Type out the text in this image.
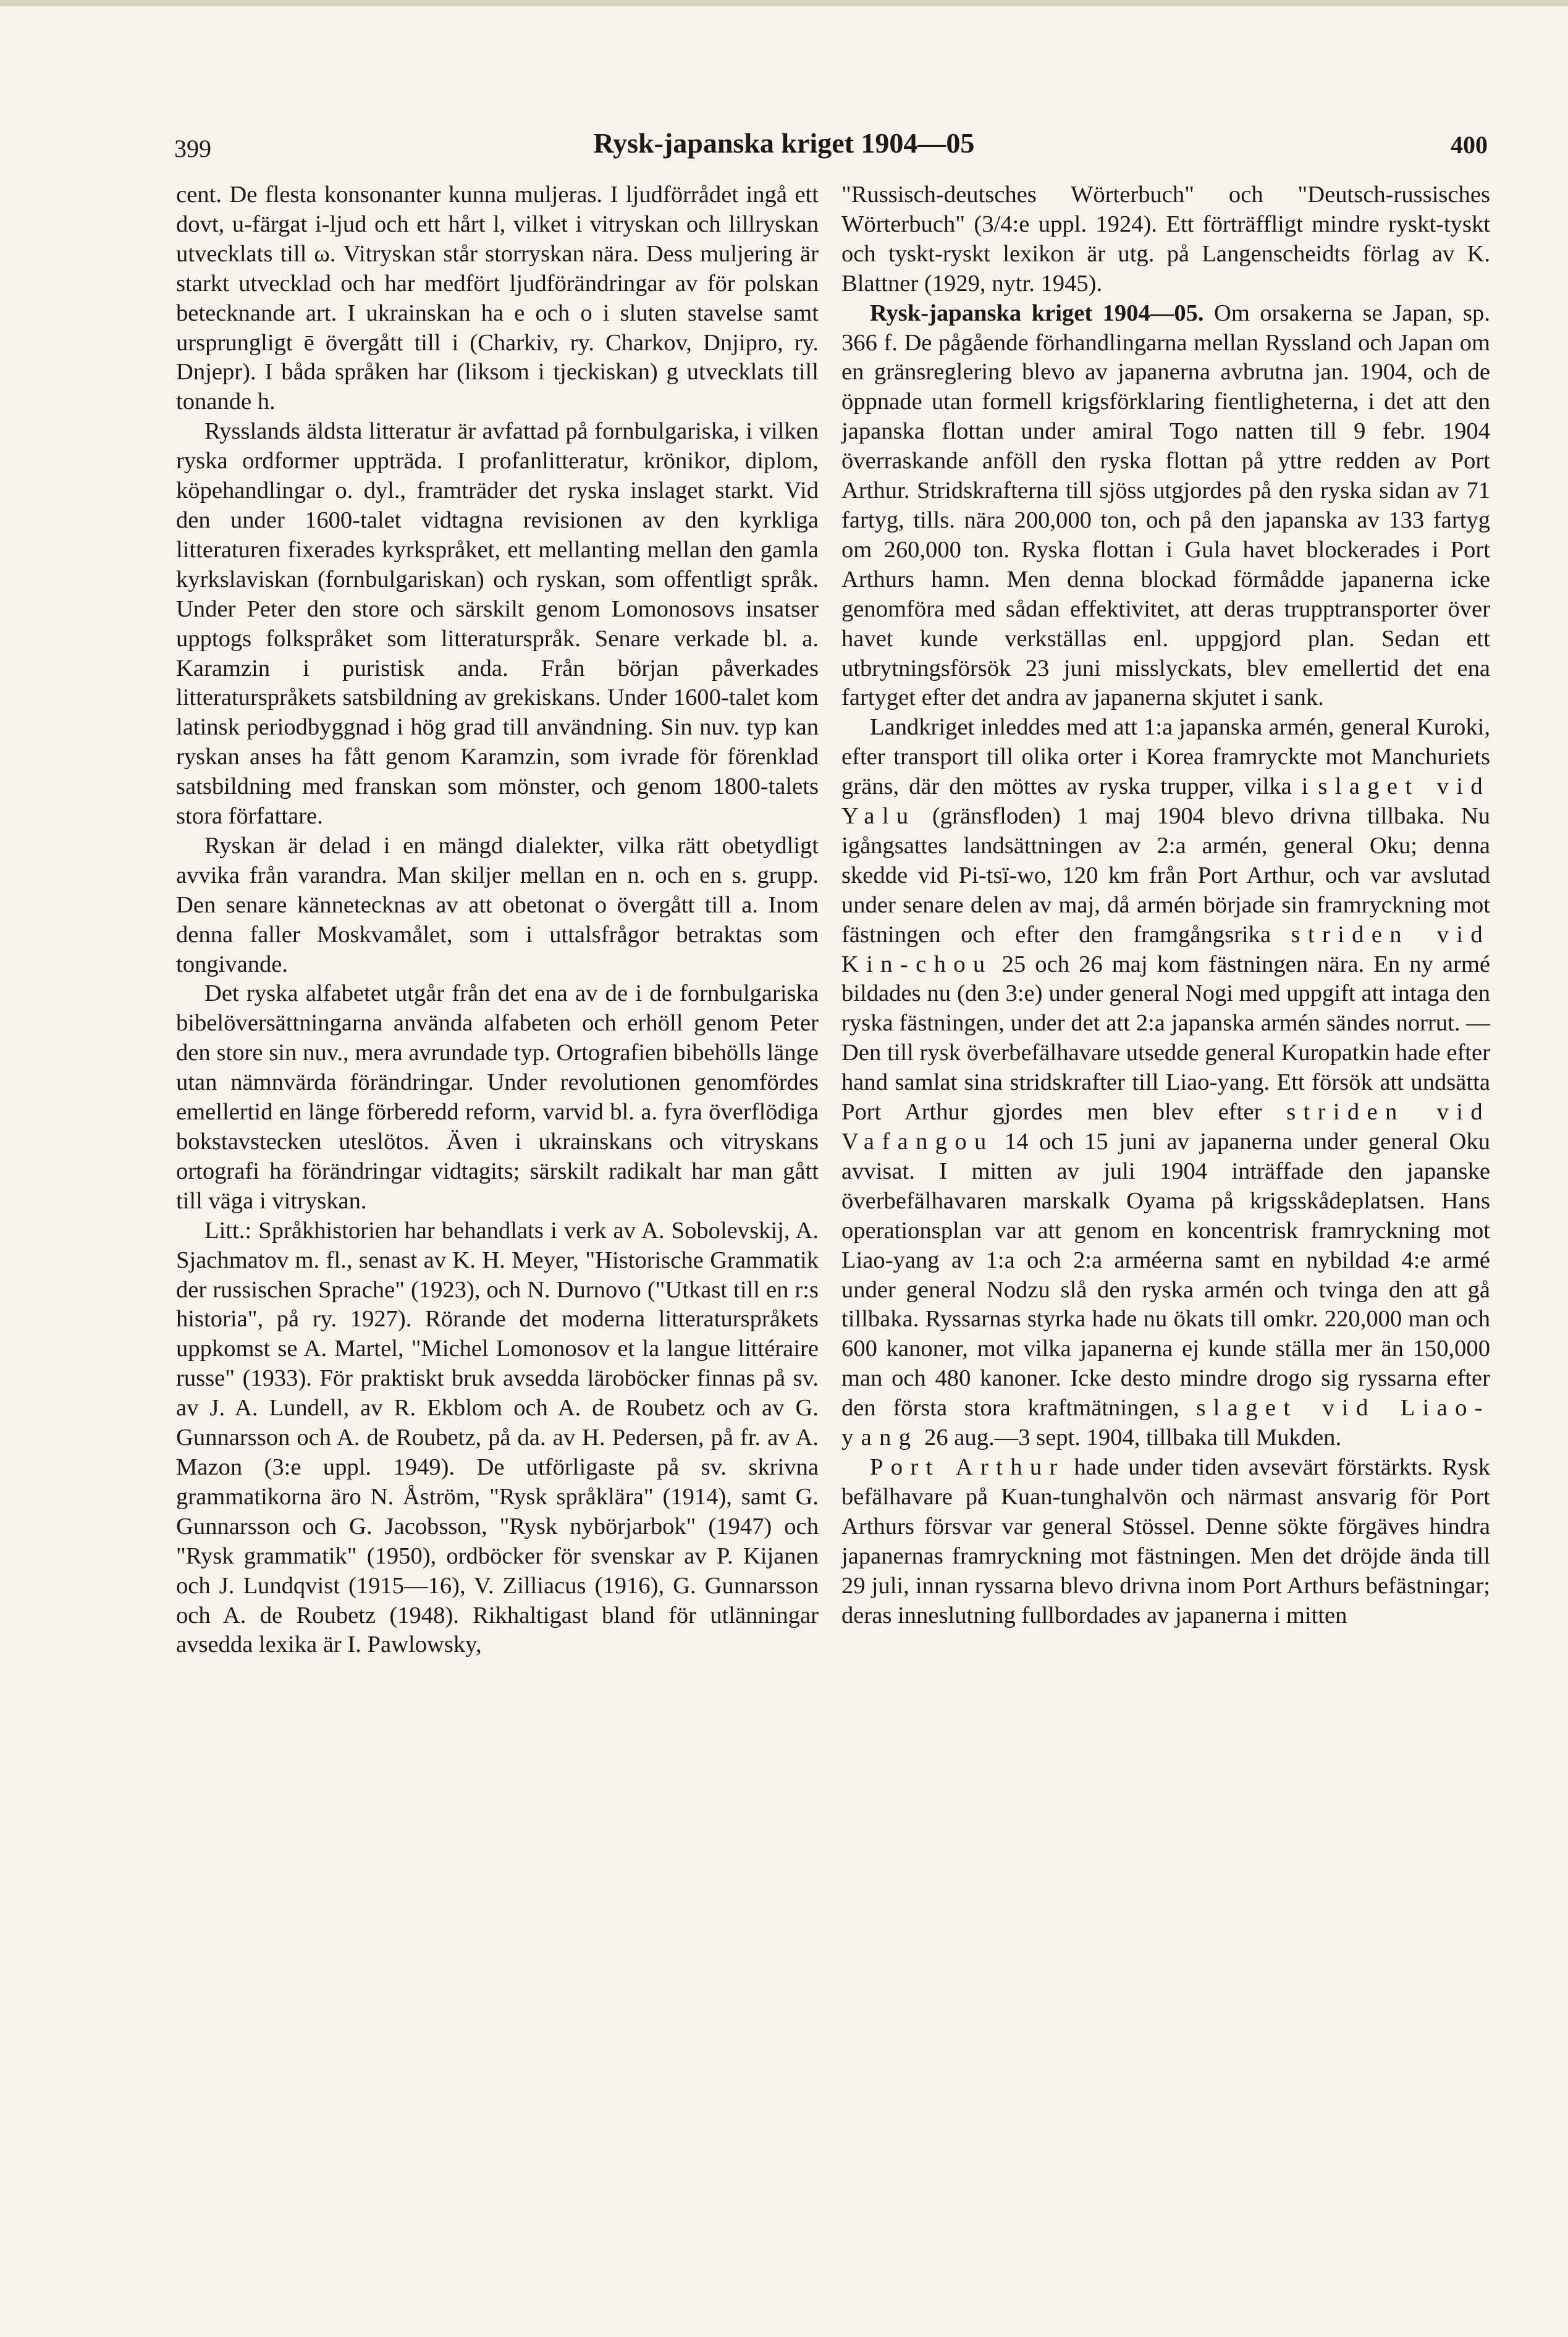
399	Rysk-japanska kriget 1904—05	400

cent. De flesta konsonanter kunna muljeras. I ljudförrådet ingå ett dovt, u-färgat i-ljud och ett hårt l, vilket i vitryskan och lillryskan utvecklats till ω. Vitryskan står storryskan nära. Dess muljering är starkt utvecklad och har medfört ljudförändringar av för polskan betecknande art. I ukrainskan ha e och o i sluten stavelse samt ursprungligt ē övergått till i (Charkiv, ry. Charkov, Dnjipro, ry. Dnjepr). I båda språken har (liksom i tjeckiskan) g utvecklats till tonande h.

Rysslands äldsta litteratur är avfattad på fornbulgariska, i vilken ryska ordformer uppträda. I profanlitteratur, krönikor, diplom, köpehandlingar o. dyl., framträder det ryska inslaget starkt. Vid den under 1600-talet vidtagna revisionen av den kyrkliga litteraturen fixerades kyrkspråket, ett mellanting mellan den gamla kyrkslaviskan (fornbulgariskan) och ryskan, som offentligt språk. Under Peter den store och särskilt genom Lomonosovs insatser upptogs folkspråket som litteraturspråk. Senare verkade bl. a. Karamzin i puristisk anda. Från början påverkades litteraturspråkets satsbildning av grekiskans. Under 1600-talet kom latinsk periodbyggnad i hög grad till användning. Sin nuv. typ kan ryskan anses ha fått genom Karamzin, som ivrade för förenklad satsbildning med franskan som mönster, och genom 1800-talets stora författare.

Ryskan är delad i en mängd dialekter, vilka rätt obetydligt avvika från varandra. Man skiljer mellan en n. och en s. grupp. Den senare kännetecknas av att obetonat o övergått till a. Inom denna faller Moskvamålet, som i uttalsfrågor betraktas som tongivande.

Det ryska alfabetet utgår från det ena av de i de fornbulgariska bibelöversättningarna använda alfabeten och erhöll genom Peter den store sin nuv., mera avrundade typ. Ortografien bibehölls länge utan nämnvärda förändringar. Under revolutionen genomfördes emellertid en länge förberedd reform, varvid bl. a. fyra överflödiga bokstavstecken uteslötos. Även i ukrainskans och vitryskans ortografi ha förändringar vidtagits; särskilt radikalt har man gått till väga i vitryskan.

Litt.: Språkhistorien har behandlats i verk av A. Sobolevskij, A. Sjachmatov m. fl., senast av K. H. Meyer, "Historische Grammatik der russischen Sprache" (1923), och N. Durnovo ("Utkast till en r:s historia", på ry. 1927). Rörande det moderna litteraturspråkets uppkomst se A. Martel, "Michel Lomonosov et la langue littéraire russe" (1933). För praktiskt bruk avsedda läroböcker finnas på sv. av J. A. Lundell, av R. Ekblom och A. de Roubetz och av G. Gunnarsson och A. de Roubetz, på da. av H. Pedersen, på fr. av A. Mazon (3:e uppl. 1949). De utförligaste på sv. skrivna grammatikorna äro N. Åström, "Rysk språklära" (1914), samt G. Gunnarsson och G. Jacobsson, "Rysk nybörjarbok" (1947) och "Rysk grammatik" (1950), ordböcker för svenskar av P. Kijanen och J. Lundqvist (1915—16), V. Zilliacus (1916), G. Gunnarsson och A. de Roubetz (1948). Rikhaltigast bland för utlänningar avsedda lexika är I. Pawlowsky,

"Russisch-deutsches Wörterbuch" och "Deutsch-russisches Wörterbuch" (3/4:e uppl. 1924). Ett förträffligt mindre ryskt-tyskt och tyskt-ryskt lexikon är utg. på Langenscheidts förlag av K. Blattner (1929, nytr. 1945).

Rysk-japanska kriget 1904—05. Om orsakerna se Japan, sp. 366 f. De pågående förhandlingarna mellan Ryssland och Japan om en gränsreglering blevo av japanerna avbrutna jan. 1904, och de öppnade utan formell krigsförklaring fientligheterna, i det att den japanska flottan under amiral Togo natten till 9 febr. 1904 överraskande anföll den ryska flottan på yttre redden av Port Arthur. Stridskrafterna till sjöss utgjordes på den ryska sidan av 71 fartyg, tills. nära 200,000 ton, och på den japanska av 133 fartyg om 260,000 ton. Ryska flottan i Gula havet blockerades i Port Arthurs hamn. Men denna blockad förmådde japanerna icke genomföra med sådan effektivitet, att deras trupptransporter över havet kunde verkställas enl. uppgjord plan. Sedan ett utbrytningsförsök 23 juni misslyckats, blev emellertid det ena fartyget efter det andra av japanerna skjutet i sank.

Landkriget inleddes med att 1:a japanska armén, general Kuroki, efter transport till olika orter i Korea framryckte mot Manchuriets gräns, där den möttes av ryska trupper, vilka i slaget vid Yalu (gränsfloden) 1 maj 1904 blevo drivna tillbaka. Nu igångsattes landsättningen av 2:a armén, general Oku; denna skedde vid Pi-tsï-wo, 120 km från Port Arthur, och var avslutad under senare delen av maj, då armén började sin framryckning mot fästningen och efter den framgångsrika striden vid Kin-chou 25 och 26 maj kom fästningen nära. En ny armé bildades nu (den 3:e) under general Nogi med uppgift att intaga den ryska fästningen, under det att 2:a japanska armén sändes norrut. — Den till rysk överbefälhavare utsedde general Kuropatkin hade efter hand samlat sina stridskrafter till Liao-yang. Ett försök att undsätta Port Arthur gjordes men blev efter striden vid Vafangou 14 och 15 juni av japanerna under general Oku avvisat. I mitten av juli 1904 inträffade den japanske överbefälhavaren marskalk Oyama på krigsskådeplatsen. Hans operationsplan var att genom en koncentrisk framryckning mot Liao-yang av 1:a och 2:a arméerna samt en nybildad 4:e armé under general Nodzu slå den ryska armén och tvinga den att gå tillbaka. Ryssarnas styrka hade nu ökats till omkr. 220,000 man och 600 kanoner, mot vilka japanerna ej kunde ställa mer än 150,000 man och 480 kanoner. Icke desto mindre drogo sig ryssarna efter den första stora kraftmätningen, slaget vid Liao-yang 26 aug.—3 sept. 1904, tillbaka till Mukden.

Port Arthur hade under tiden avsevärt förstärkts. Rysk befälhavare på Kuan-tunghalvön och närmast ansvarig för Port Arthurs försvar var general Stössel. Denne sökte förgäves hindra japanernas framryckning mot fästningen. Men det dröjde ända till 29 juli, innan ryssarna blevo drivna inom Port Arthurs befästningar; deras inneslutning fullbordades av japanerna i mitten
